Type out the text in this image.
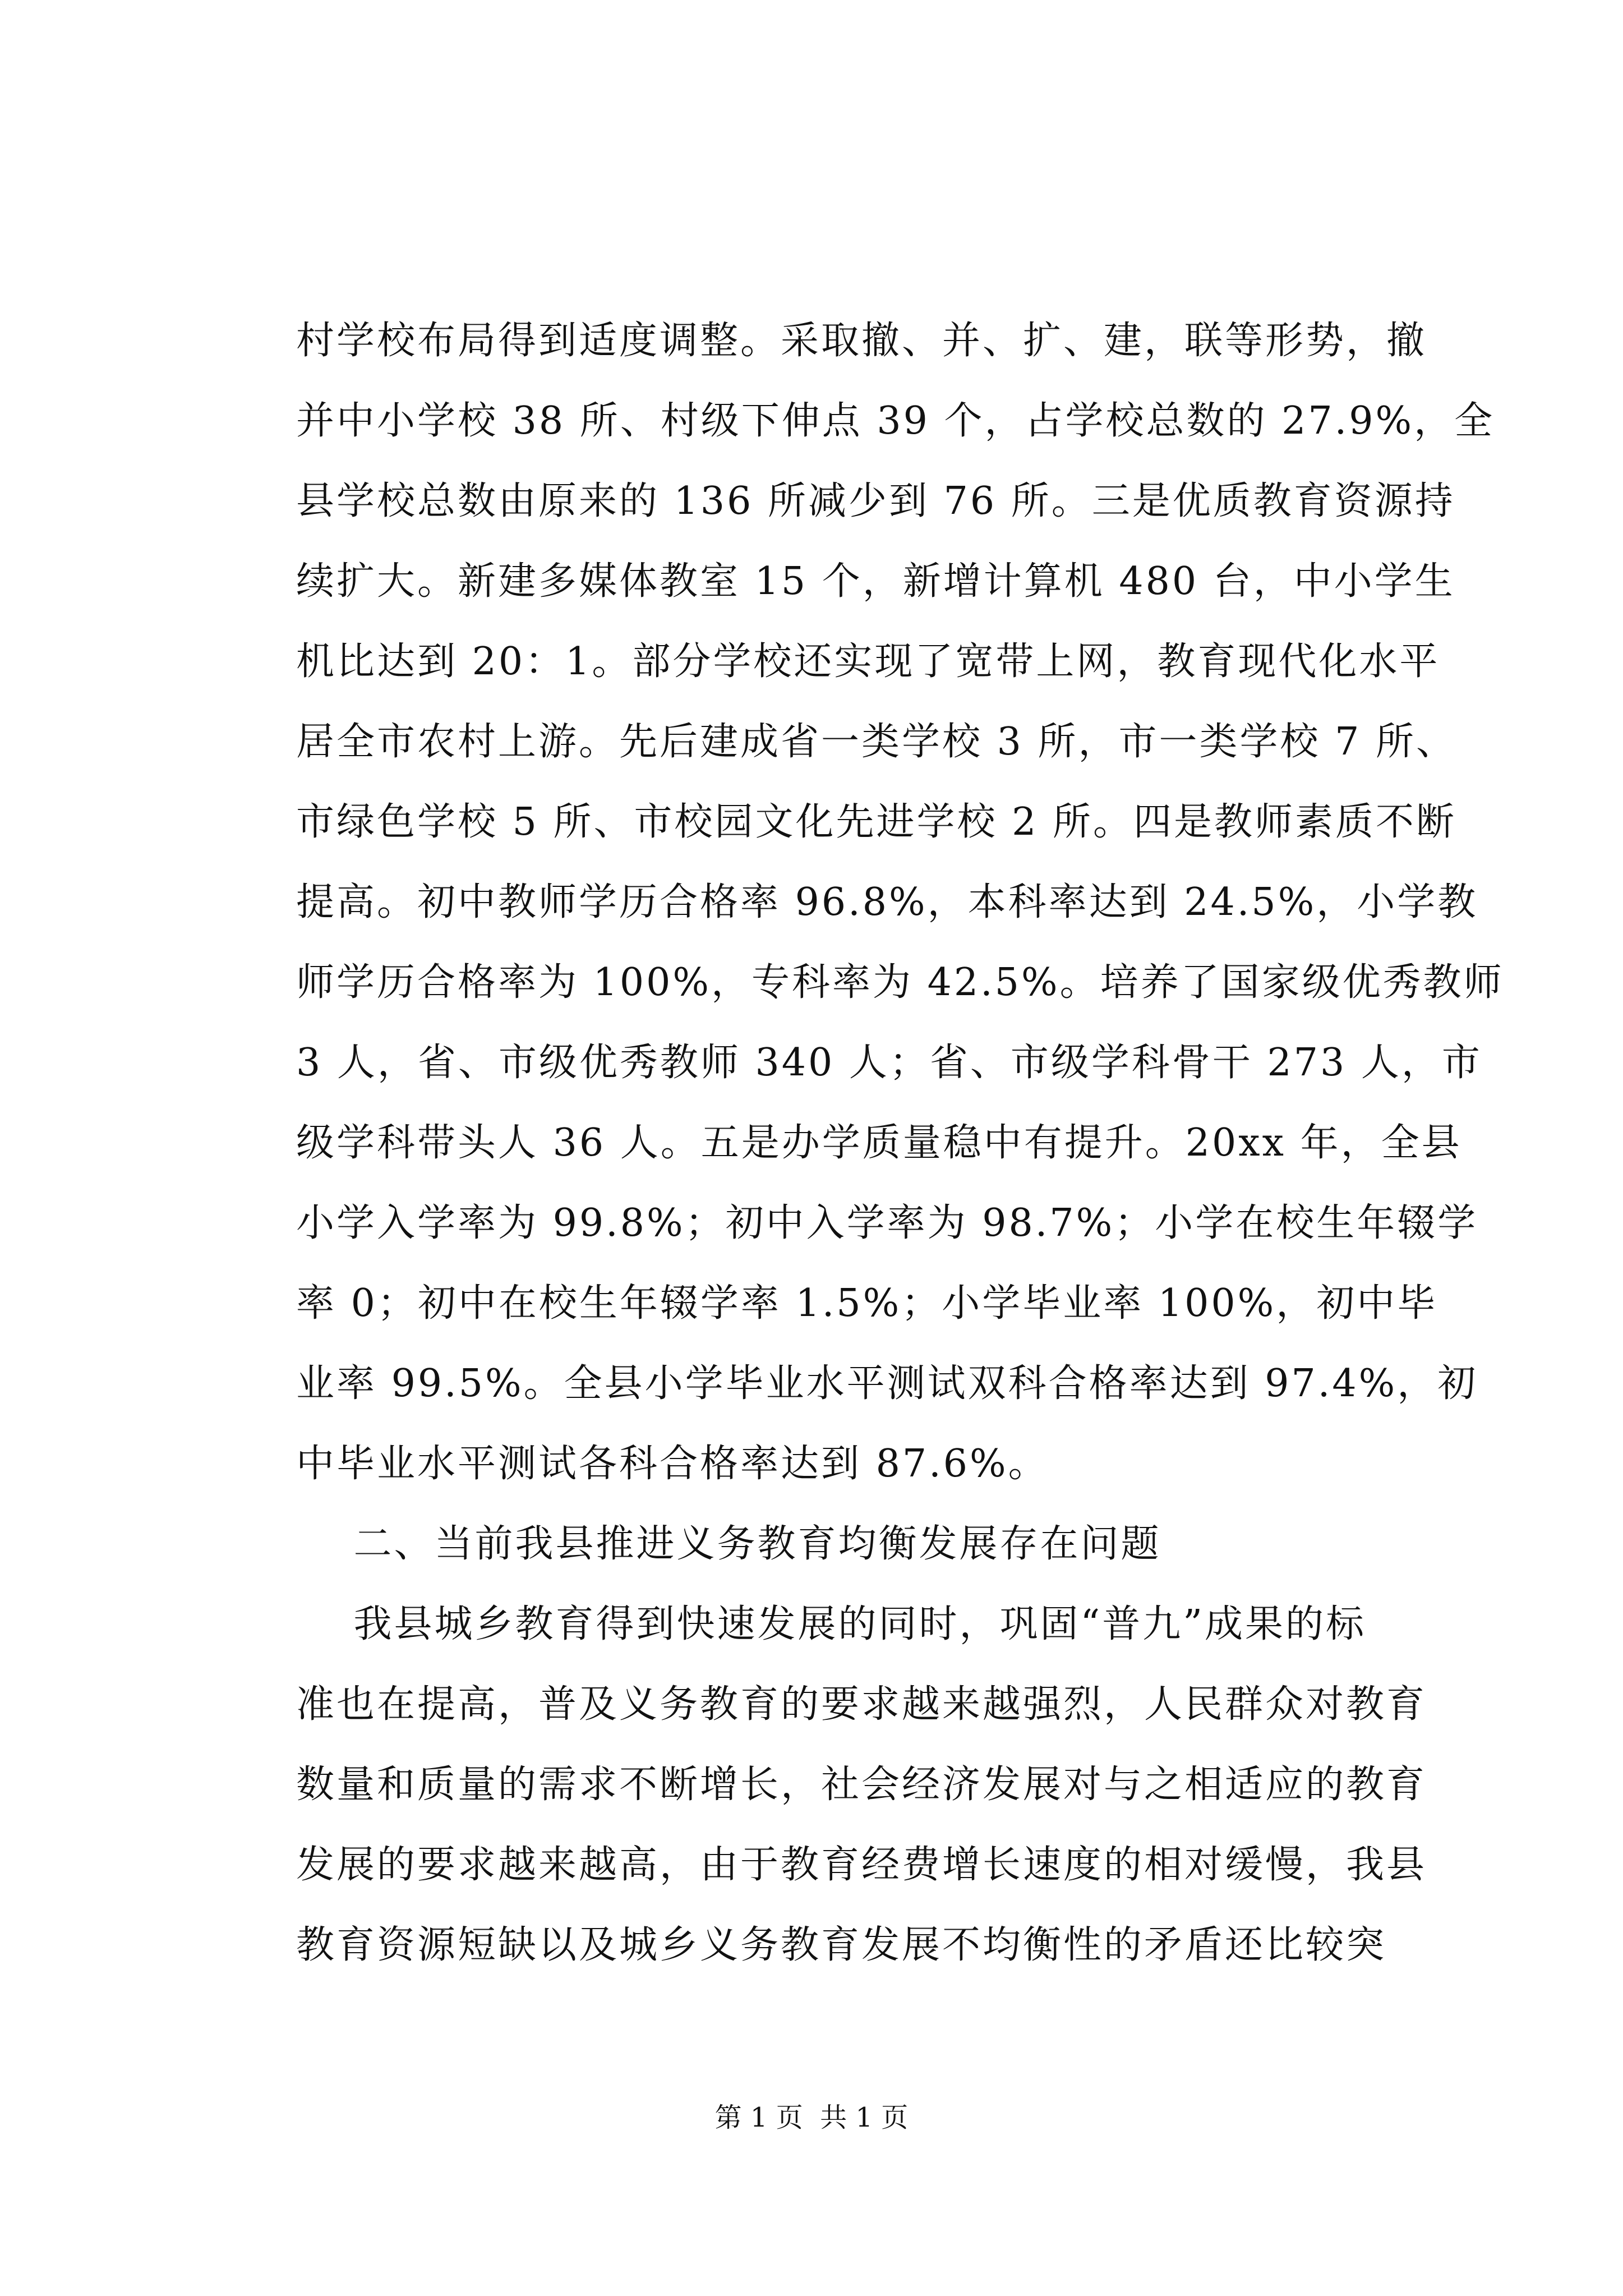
村学校布局得到适度调整。采取撤、并、扩、建，联等形势，撤
并中小学校 38 所、村级下伸点 39 个，占学校总数的 27.9%，全
县学校总数由原来的 136 所减少到 76 所。三是优质教育资源持
续扩大。新建多媒体教室 15 个，新增计算机 480 台，中小学生
机比达到 20：1。部分学校还实现了宽带上网，教育现代化水平
居全市农村上游。先后建成省一类学校 3 所，市一类学校 7 所、
市绿色学校 5 所、市校园文化先进学校 2 所。四是教师素质不断
提高。初中教师学历合格率 96.8%，本科率达到 24.5%，小学教
师学历合格率为 100%，专科率为 42.5%。培养了国家级优秀教师
3 人，省、市级优秀教师 340 人；省、市级学科骨干 273 人，市
级学科带头人 36 人。五是办学质量稳中有提升。20xx 年，全县
小学入学率为 99.8%；初中入学率为 98.7%；小学在校生年辍学
率 0；初中在校生年辍学率 1.5%；小学毕业率 100%，初中毕
业率 99.5%。全县小学毕业水平测试双科合格率达到 97.4%，初
中毕业水平测试各科合格率达到 87.6%。
二、当前我县推进义务教育均衡发展存在问题
我县城乡教育得到快速发展的同时，巩固“普九”成果的标
准也在提高，普及义务教育的要求越来越强烈，人民群众对教育
数量和质量的需求不断增长，社会经济发展对与之相适应的教育
发展的要求越来越高，由于教育经费增长速度的相对缓慢，我县
教育资源短缺以及城乡义务教育发展不均衡性的矛盾还比较突
第 1 页  共 1 页
